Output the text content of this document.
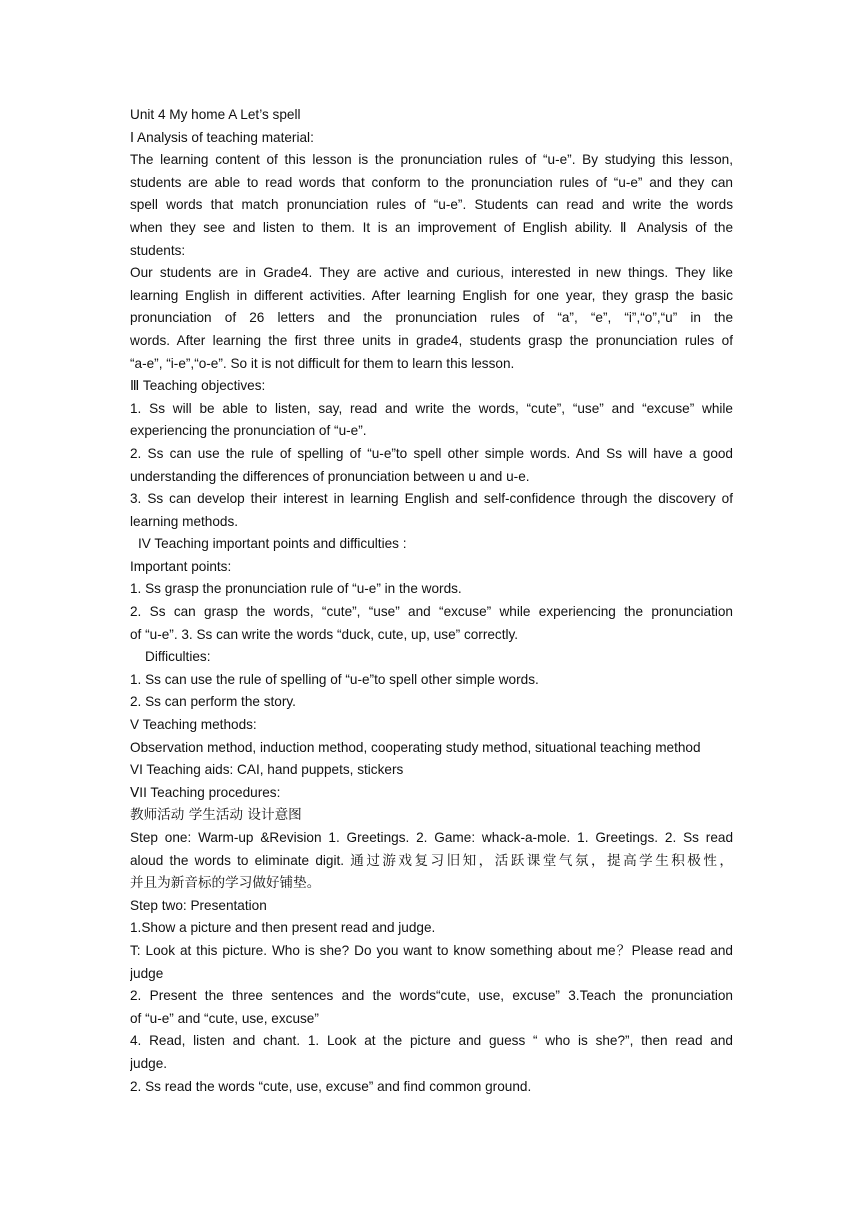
Unit 4 My home A Let’s spell
Ⅰ Analysis of teaching material:
The learning content of this lesson is the pronunciation rules of “u-e”. By studying this lesson,
students are able to read words that conform to the pronunciation rules of “u-e” and they can
spell words that match pronunciation rules of “u-e”. Students can read and write the words
when they see and listen to them. It is an improvement of English ability. Ⅱ Analysis of the
students:
Our students are in Grade4. They are active and curious, interested in new things. They like
learning English in different activities. After learning English for one year, they grasp the basic
pronunciation of 26 letters and the pronunciation rules of “a”, “e”, “i”,“o”,“u” in the
words. After learning the first three units in grade4, students grasp the pronunciation rules of
“a-e”, “i-e”,“o-e”. So it is not difficult for them to learn this lesson.
Ⅲ Teaching objectives:
1. Ss will be able to listen, say, read and write the words, “cute”, “use” and “excuse” while
experiencing the pronunciation of “u-e”.
2. Ss can use the rule of spelling of “u-e”to spell other simple words. And Ss will have a good
understanding the differences of pronunciation between u and u-e.
3. Ss can develop their interest in learning English and self-confidence through the discovery of
learning methods.
IV Teaching important points and difficulties :
Important points:
1. Ss grasp the pronunciation rule of “u-e” in the words.
2. Ss can grasp the words, “cute”, “use” and “excuse” while experiencing the pronunciation
of “u-e”. 3. Ss can write the words “duck, cute, up, use” correctly.
Difficulties:
1. Ss can use the rule of spelling of “u-e”to spell other simple words.
2. Ss can perform the story.
V Teaching methods:
Observation method, induction method, cooperating study method, situational teaching method
VI Teaching aids: CAI, hand puppets, stickers
ⅤII Teaching procedures:
教师活动 学生活动 设计意图
Step one: Warm-up &Revision 1. Greetings. 2. Game: whack-a-mole. 1. Greetings. 2. Ss read
aloud the words to eliminate digit. 通过游戏复习旧知，活跃课堂气氛，提高学生积极性，
并且为新音标的学习做好铺垫。
Step two: Presentation
1.Show a picture and then present read and judge.
T: Look at this picture. Who is she? Do you want to know something about me？Please read and
judge
2. Present the three sentences and the words“cute, use, excuse” 3.Teach the pronunciation
of “u-e” and “cute, use, excuse”
4. Read, listen and chant. 1. Look at the picture and guess “ who is she?”, then read and
judge.
2. Ss read the words “cute, use, excuse” and find common ground.
